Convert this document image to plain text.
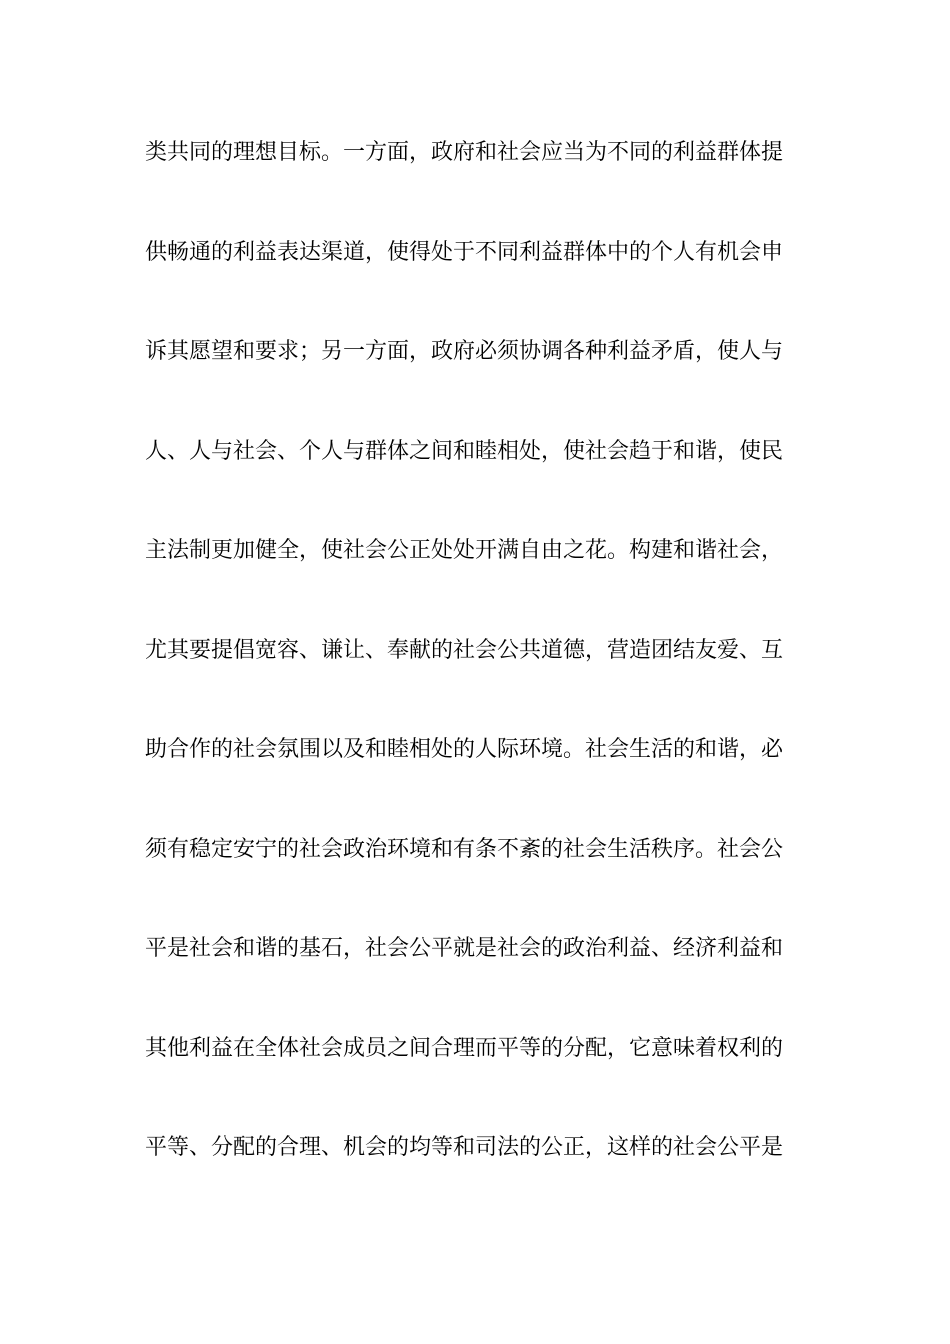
类共同的理想目标。一方面，政府和社会应当为不同的利益群体提
供畅通的利益表达渠道，使得处于不同利益群体中的个人有机会申
诉其愿望和要求；另一方面，政府必须协调各种利益矛盾，使人与
人、人与社会、个人与群体之间和睦相处，使社会趋于和谐，使民
主法制更加健全，使社会公正处处开满自由之花。构建和谐社会，
尤其要提倡宽容、谦让、奉献的社会公共道德，营造团结友爱、互
助合作的社会氛围以及和睦相处的人际环境。社会生活的和谐，必
须有稳定安宁的社会政治环境和有条不紊的社会生活秩序。社会公
平是社会和谐的基石，社会公平就是社会的政治利益、经济利益和
其他利益在全体社会成员之间合理而平等的分配，它意味着权利的
平等、分配的合理、机会的均等和司法的公正，这样的社会公平是
